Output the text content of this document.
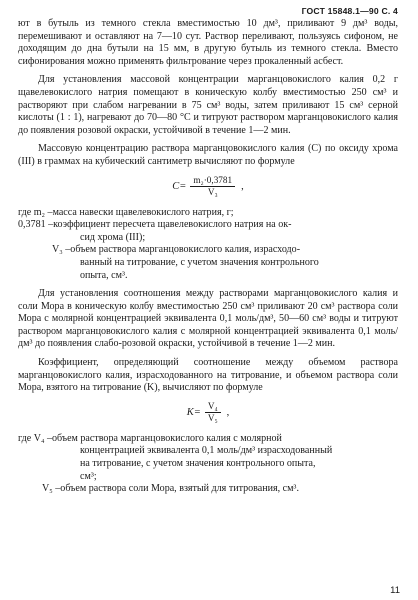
ГОСТ 15848.1—90 С. 4

ют в бутыль из темного стекла вместимостью 10 дм³, приливают 9 дм³ воды, перемешивают и оставляют на 7—10 сут. Раствор переливают, пользуясь сифоном, не доходящим до дна бутыли на 15 мм, в другую бутыль из темного стекла. Вместо сифонирования можно применять фильтрование через прокаленный асбест.

Для установления массовой концентрации марганцовокислого калия 0,2 г щавелевокислого натрия помещают в коническую колбу вместимостью 250 см³ и растворяют при слабом нагревании в 75 см³ воды, затем приливают 15 см³ серной кислоты (1 : 1), нагревают до 70—80 °С и титруют раствором марганцовокислого калия до появления розовой окраски, устойчивой в течение 1—2 мин.

Массовую концентрацию раствора марганцовокислого калия (С) по оксиду хрома (III) в граммах на кубический сантиметр вычисляют по формуле

$C= \frac{\text{m₂·0,3781}}{\text{V₃}}$ ,
где m₂ – масса навески щавелевокислого натрия, г;
0,3781 – коэффициент пересчета щавелевокислого натрия на ок-
сид хрома (III);
V₃ – объем раствора марганцовокислого калия, израсходо-
ванный на титрование, с учетом значения контрольного
опыта, см³.

Для установления соотношения между растворами марганцовокислого калия и соли Мора в коническую колбу вместимостью 250 см³ приливают 20 см³ раствора соли Мора с молярной концентрацией эквивалента 0,1 моль/дм³, 50—60 см³ воды и титруют раствором марганцовокислого калия с молярной концентрацией эквивалента 0,1 моль/дм³ до появления слабо-розовой окраски, устойчивой в течение 1—2 мин.

Коэффициент, определяющий соотношение между объемом раствора марганцовокислого калия, израсходованного на титрование, и объемом раствора соли Мора, взятого на титрование (K), вычисляют по формуле

$K= \frac{\text{V₄}}{\text{V₅}}$ ,
где V₄ – объем раствора марганцовокислого калия с молярной
концентрацией эквивалента 0,1 моль/дм³ израсходованный
на титрование, с учетом значения контрольного опыта,
см³;
V₅ – объем раствора соли Мора, взятый для титрования, см³.
11
